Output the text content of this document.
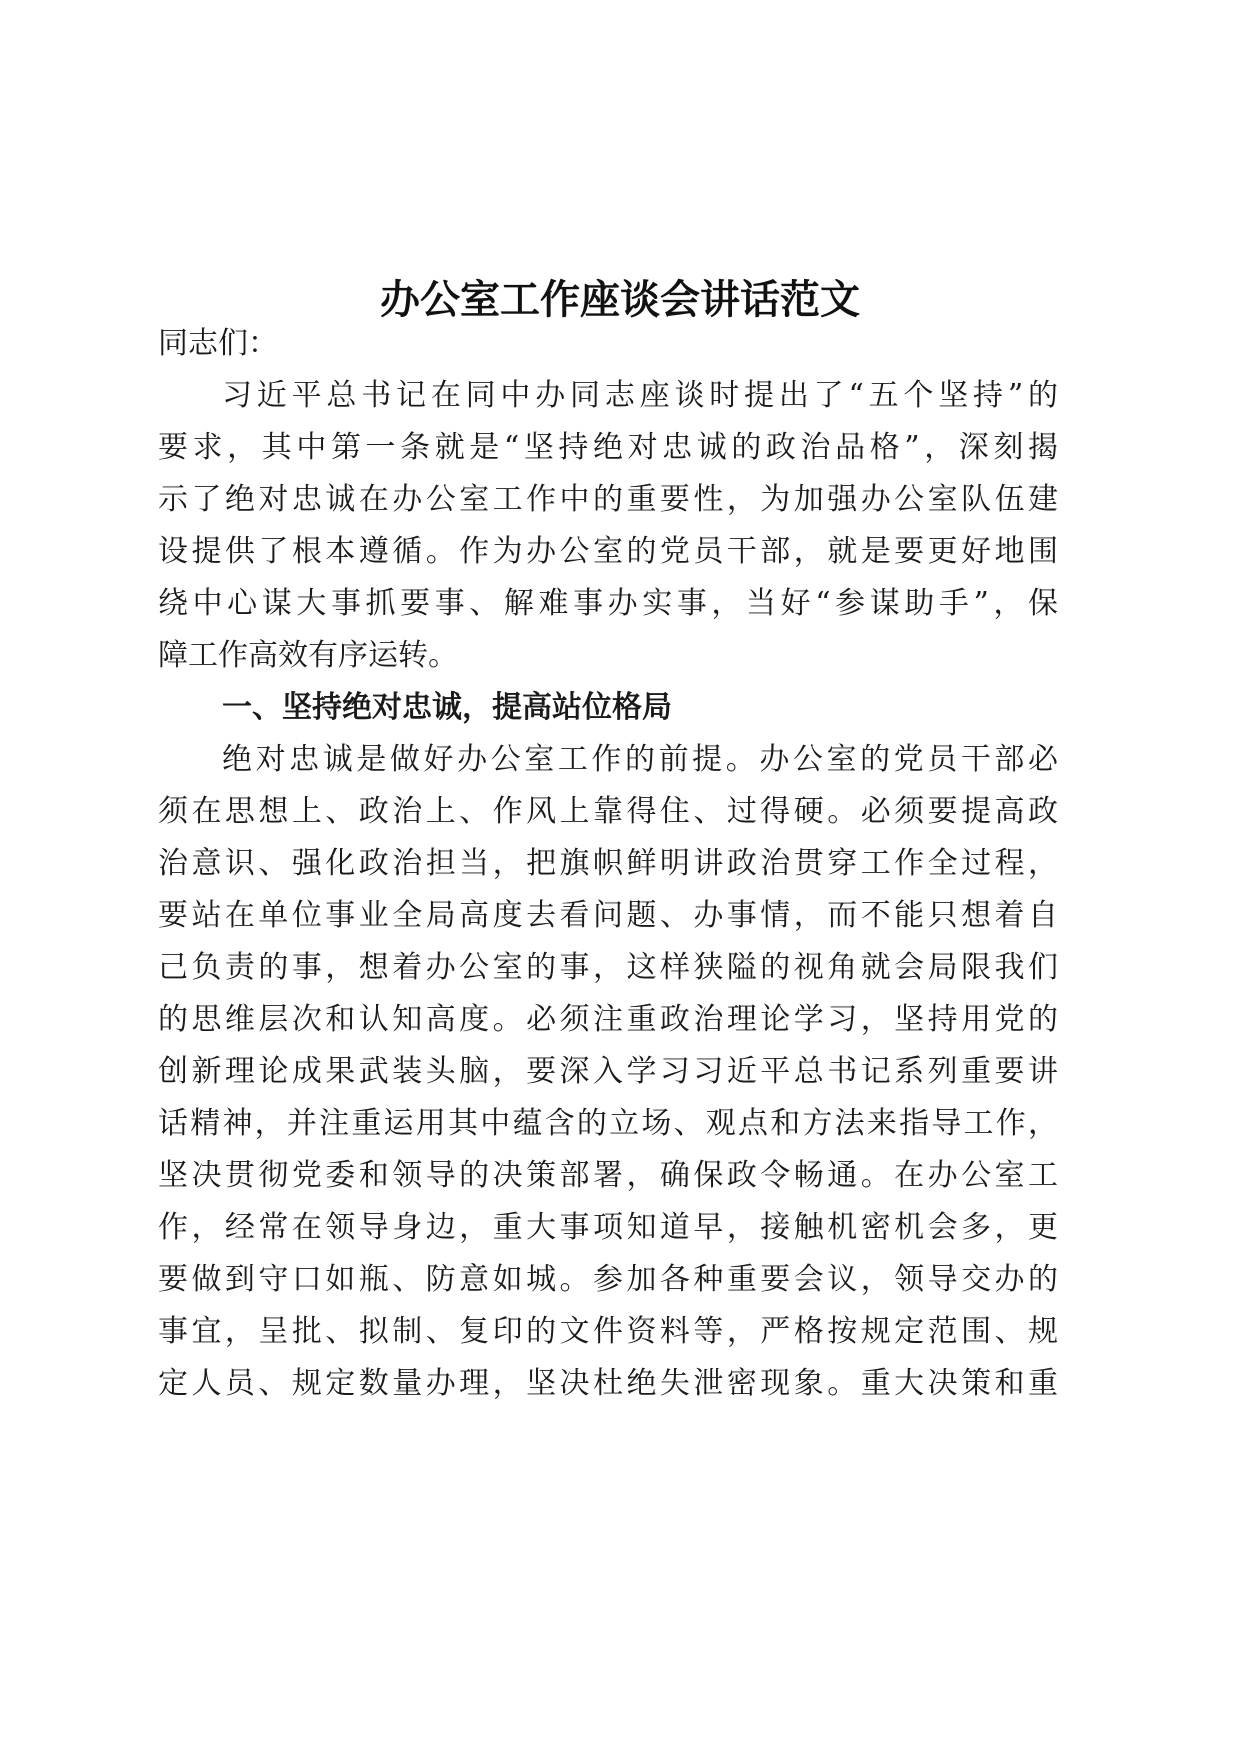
办公室工作座谈会讲话范文
同志们：
习近平总书记在同中办同志座谈时提出了“五个坚持”的
要求，其中第一条就是“坚持绝对忠诚的政治品格”，深刻揭
示了绝对忠诚在办公室工作中的重要性，为加强办公室队伍建
设提供了根本遵循。作为办公室的党员干部，就是要更好地围
绕中心谋大事抓要事、解难事办实事，当好“参谋助手”，保
障工作高效有序运转。
一、坚持绝对忠诚，提高站位格局
绝对忠诚是做好办公室工作的前提。办公室的党员干部必
须在思想上、政治上、作风上靠得住、过得硬。必须要提高政
治意识、强化政治担当，把旗帜鲜明讲政治贯穿工作全过程，
要站在单位事业全局高度去看问题、办事情，而不能只想着自
己负责的事，想着办公室的事，这样狭隘的视角就会局限我们
的思维层次和认知高度。必须注重政治理论学习，坚持用党的
创新理论成果武装头脑，要深入学习习近平总书记系列重要讲
话精神，并注重运用其中蕴含的立场、观点和方法来指导工作，
坚决贯彻党委和领导的决策部署，确保政令畅通。在办公室工
作，经常在领导身边，重大事项知道早，接触机密机会多，更
要做到守口如瓶、防意如城。参加各种重要会议，领导交办的
事宜，呈批、拟制、复印的文件资料等，严格按规定范围、规
定人员、规定数量办理，坚决杜绝失泄密现象。重大决策和重
